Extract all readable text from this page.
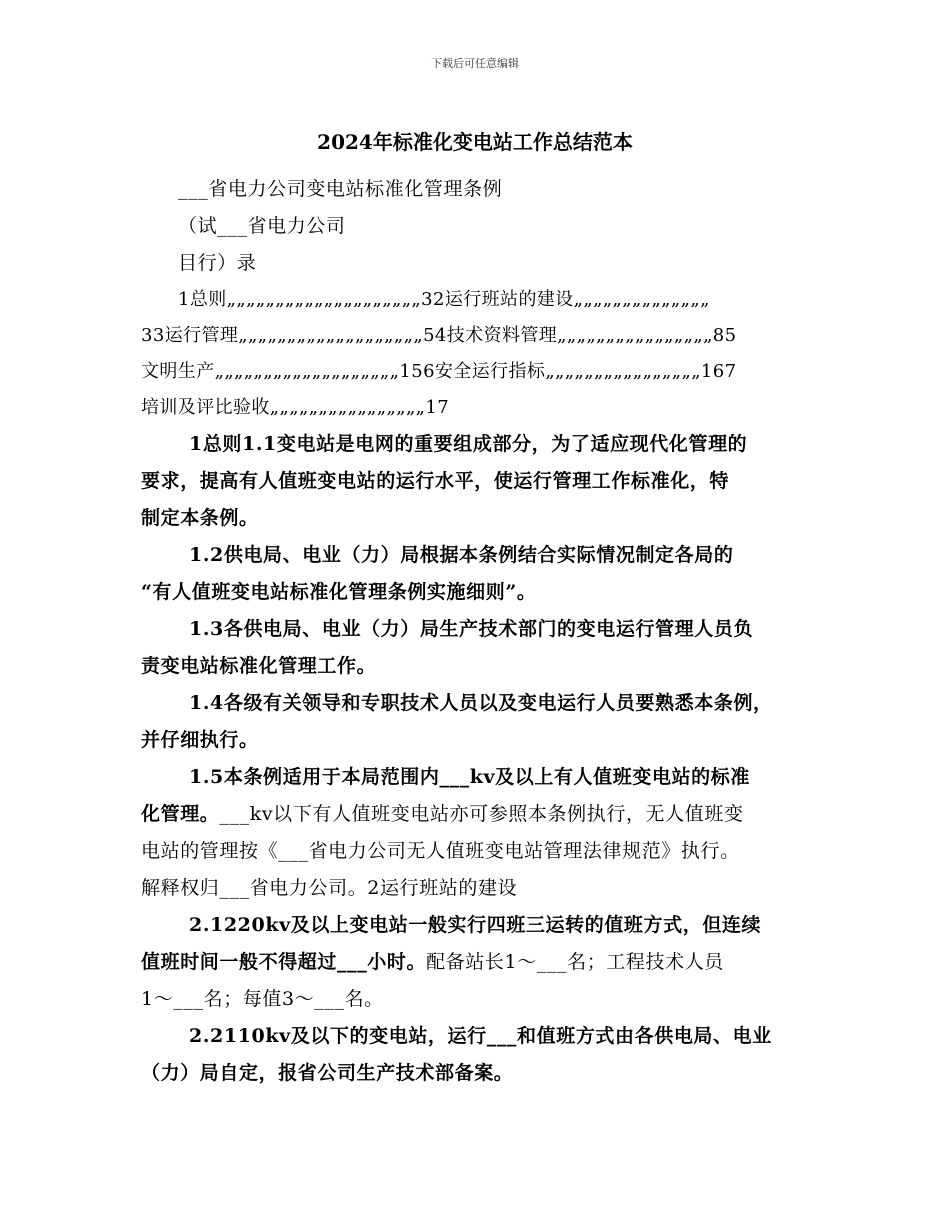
下载后可任意编辑
2024年标准化变电站工作总结范本
___省电力公司变电站标准化管理条例
（试___省电力公司
目行）录
1总则„„„„„„„„„„„„„„„„„„„„32运行班站的建设„„„„„„„„„„„„„„
33运行管理„„„„„„„„„„„„„„„„„„„54技术资料管理„„„„„„„„„„„„„„„„85
文明生产„„„„„„„„„„„„„„„„„„„156安全运行指标„„„„„„„„„„„„„„„„167
培训及评比验收„„„„„„„„„„„„„„„„17
1总则1.1变电站是电网的重要组成部分，为了适应现代化管理的
要求，提高有人值班变电站的运行水平，使运行管理工作标准化，特
制定本条例。
1.2供电局、电业（力）局根据本条例结合实际情况制定各局的
“有人值班变电站标准化管理条例实施细则”。
1.3各供电局、电业（力）局生产技术部门的变电运行管理人员负
责变电站标准化管理工作。
1.4各级有关领导和专职技术人员以及变电运行人员要熟悉本条例，
并仔细执行。
1.5本条例适用于本局范围内___kv及以上有人值班变电站的标准
化管理。___kv以下有人值班变电站亦可参照本条例执行，无人值班变
电站的管理按《___省电力公司无人值班变电站管理法律规范》执行。
解释权归___省电力公司。2运行班站的建设
2.1220kv及以上变电站一般实行四班三运转的值班方式，但连续
值班时间一般不得超过___小时。配备站长1～___名；工程技术人员
1～___名；每值3～___名。
2.2110kv及以下的变电站，运行___和值班方式由各供电局、电业
（力）局自定，报省公司生产技术部备案。
